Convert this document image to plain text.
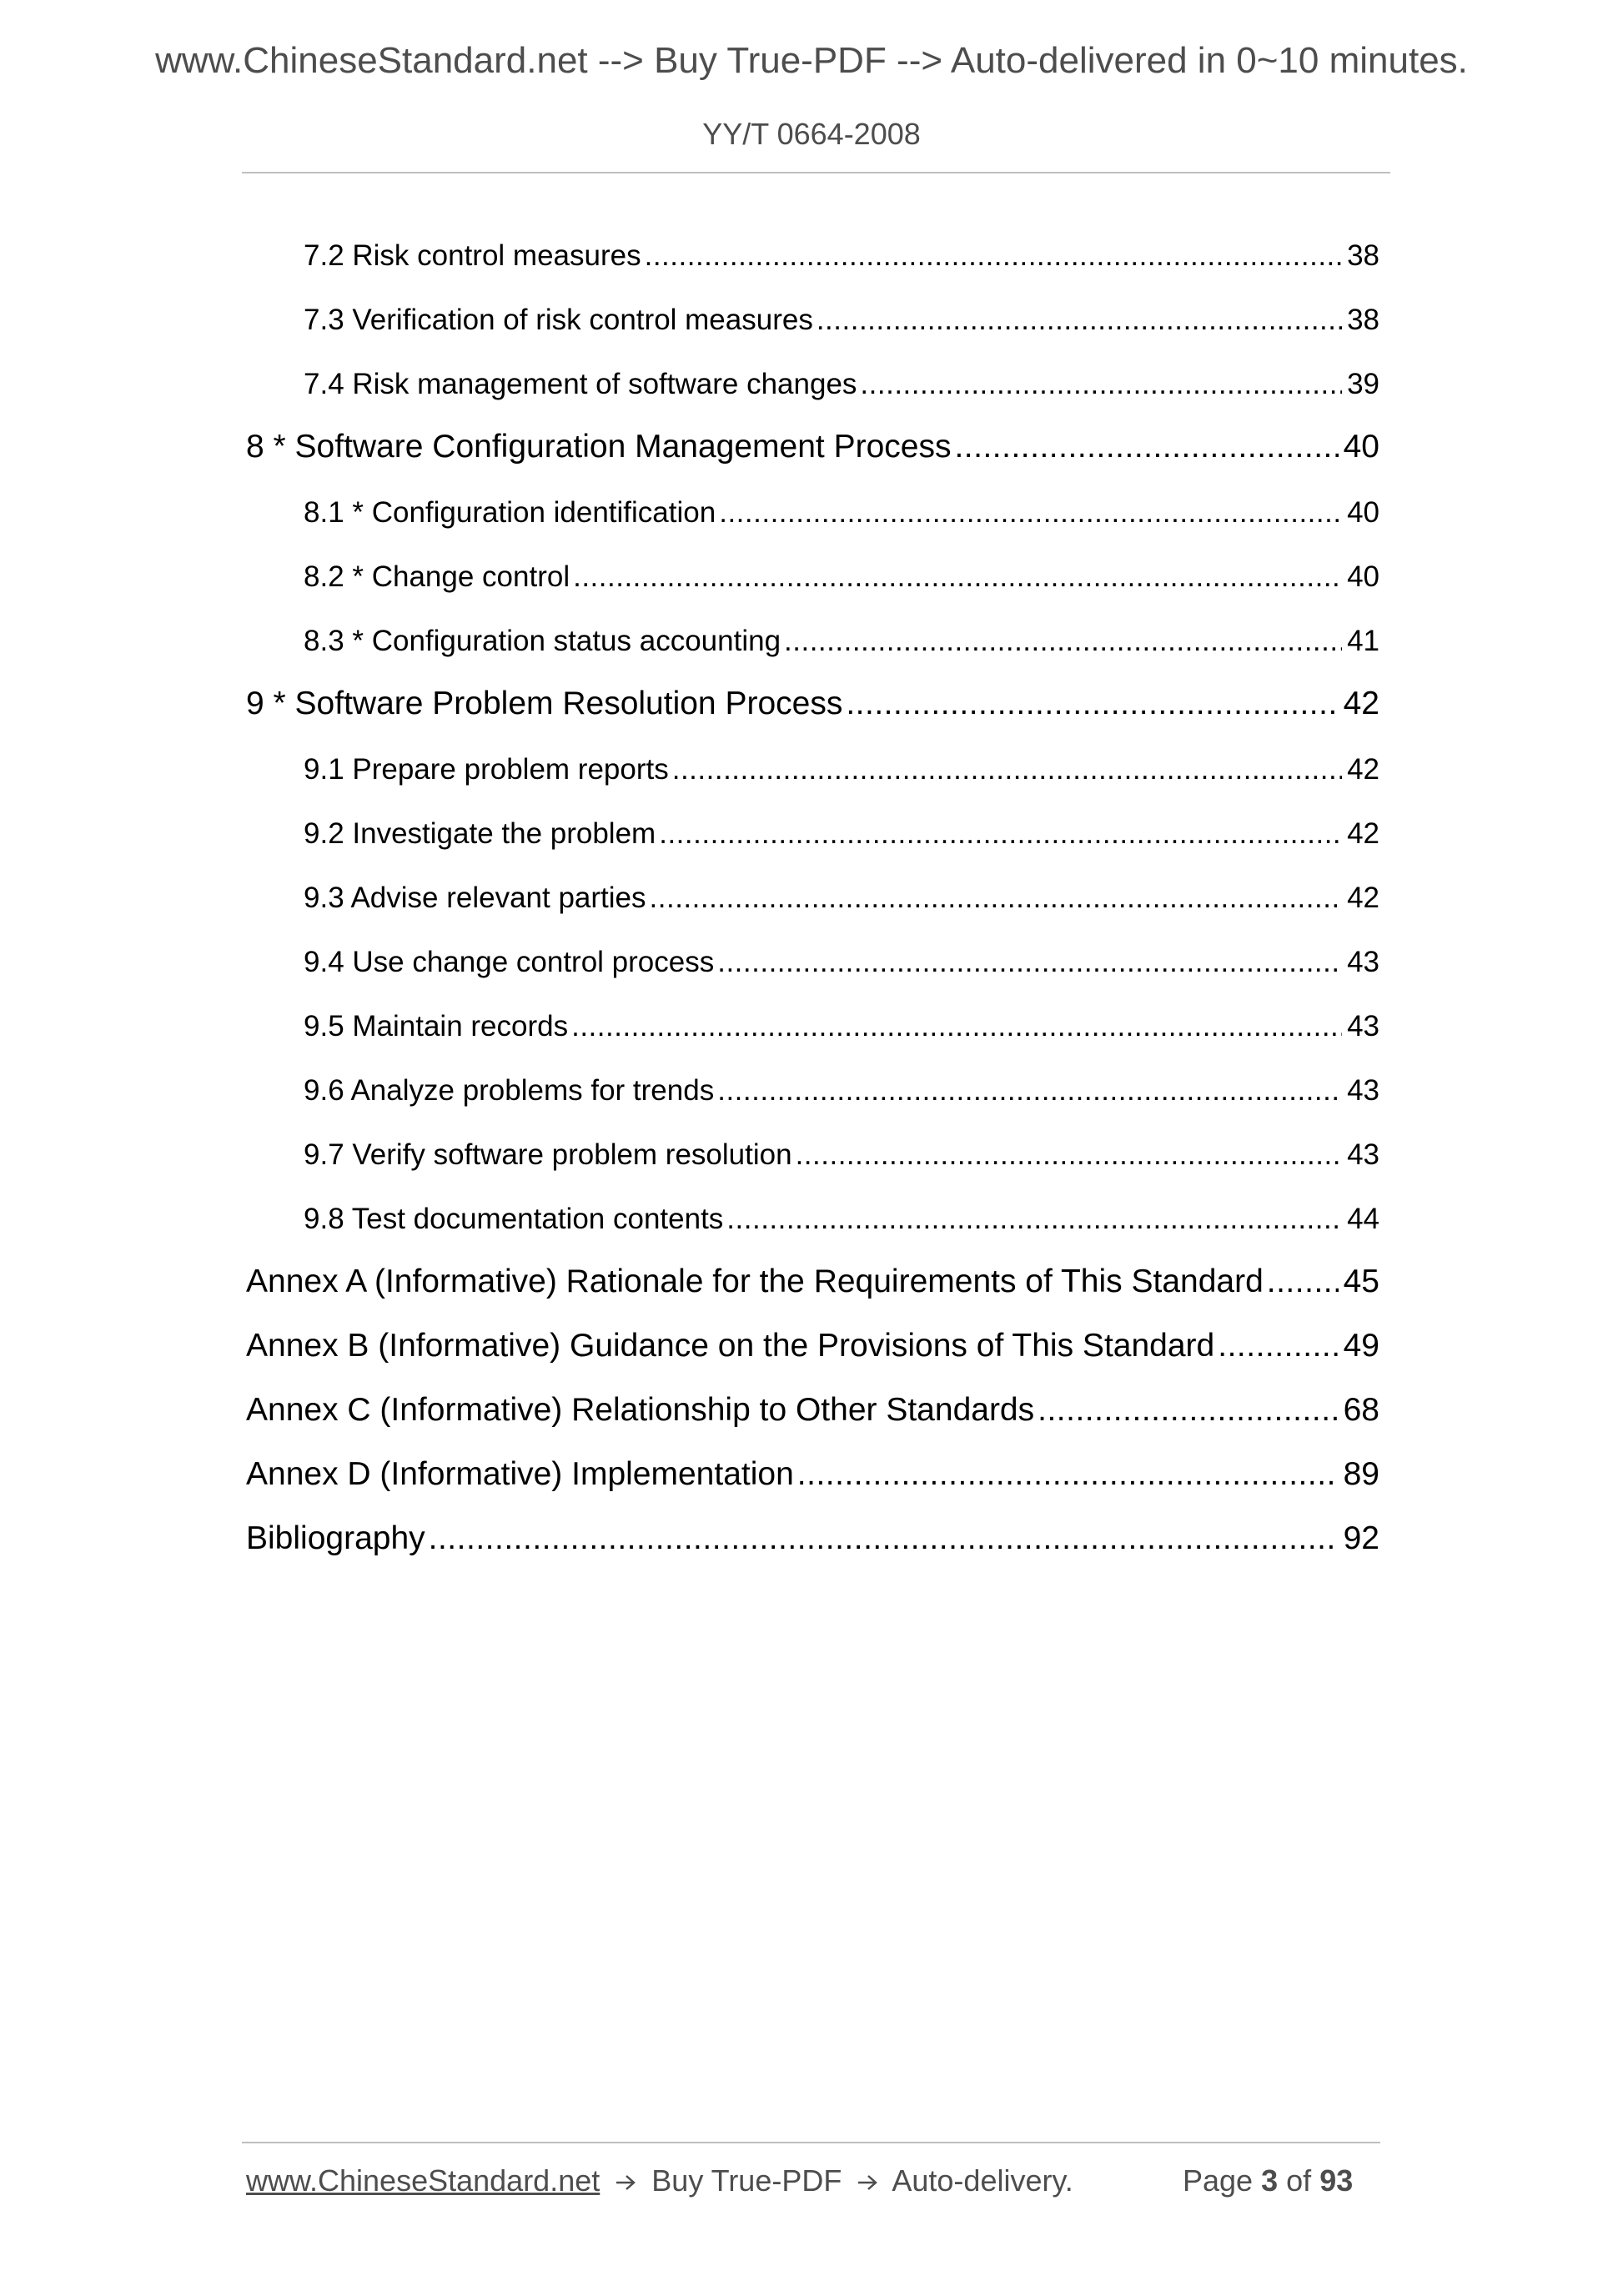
www.ChineseStandard.net --> Buy True-PDF --> Auto-delivered in 0~10 minutes.
YY/T 0664-2008
7.2 Risk control measures .....	38
7.3 Verification of risk control measures .....	38
7.4 Risk management of software changes .....	39
8 * Software Configuration Management Process .....	40
8.1 * Configuration identification .....	40
8.2 * Change control .....	40
8.3 * Configuration status accounting .....	41
9 * Software Problem Resolution Process .....	42
9.1 Prepare problem reports .....	42
9.2 Investigate the problem .....	42
9.3 Advise relevant parties .....	42
9.4 Use change control process .....	43
9.5 Maintain records .....	43
9.6 Analyze problems for trends .....	43
9.7 Verify software problem resolution .....	43
9.8 Test documentation contents .....	44
Annex A (Informative) Rationale for the Requirements of This Standard ..... 45
Annex B (Informative) Guidance on the Provisions of This Standard .....	49
Annex C (Informative) Relationship to Other Standards .....	68
Annex D (Informative) Implementation .....	89
Bibliography .....	92
www.ChineseStandard.net Buy True-PDF Auto-delivery.	Page 3 of 93
